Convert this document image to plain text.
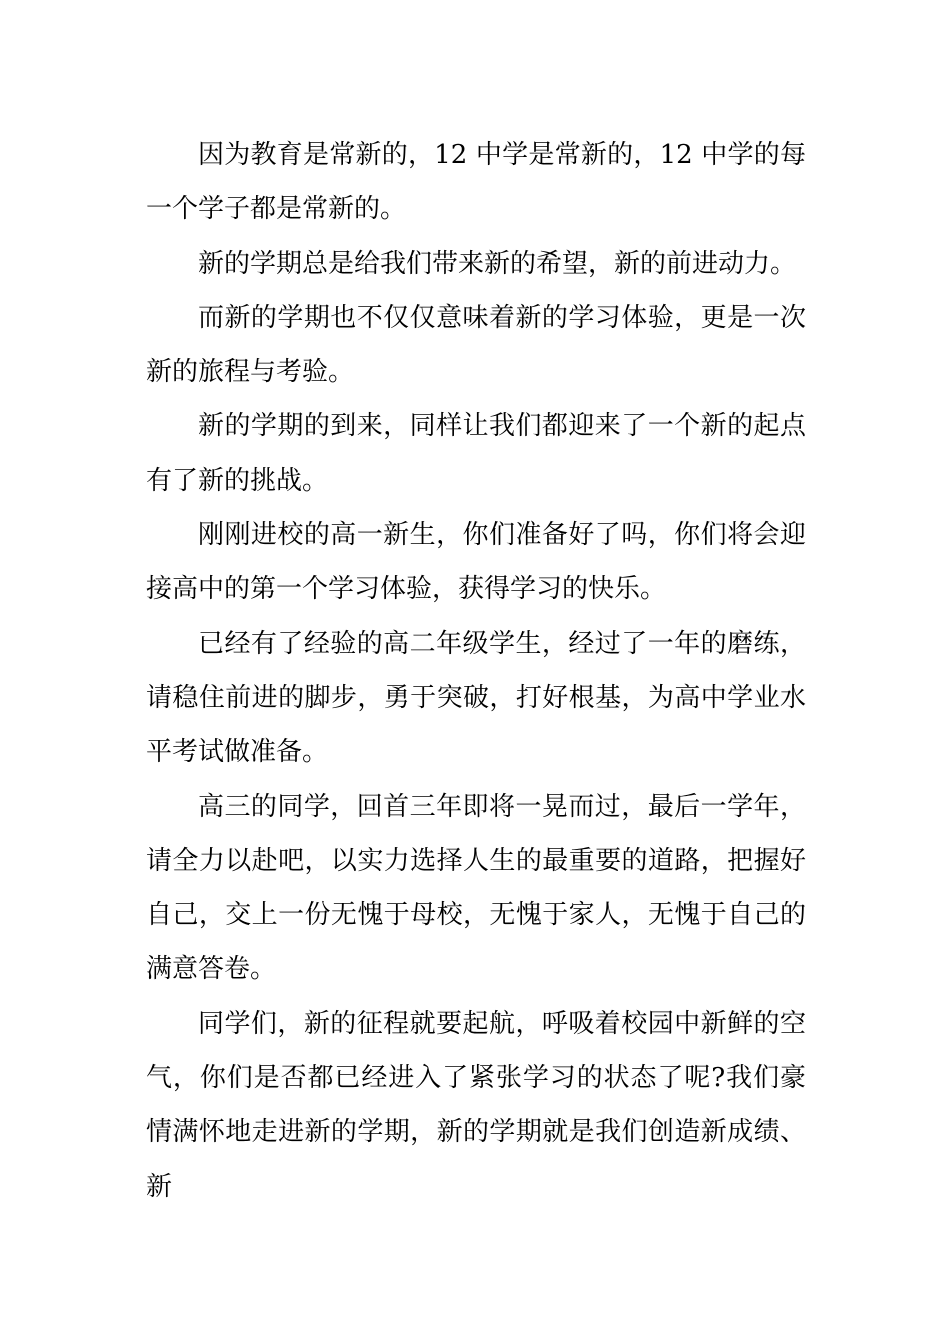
因为教育是常新的，12 中学是常新的，12 中学的每一个学子都是常新的。

新的学期总是给我们带来新的希望，新的前进动力。

而新的学期也不仅仅意味着新的学习体验，更是一次新的旅程与考验。

新的学期的到来，同样让我们都迎来了一个新的起点有了新的挑战。

刚刚进校的高一新生，你们准备好了吗，你们将会迎接高中的第一个学习体验，获得学习的快乐。

已经有了经验的高二年级学生，经过了一年的磨练，请稳住前进的脚步，勇于突破，打好根基，为高中学业水平考试做准备。

高三的同学，回首三年即将一晃而过，最后一学年，请全力以赴吧，以实力选择人生的最重要的道路，把握好自己，交上一份无愧于母校，无愧于家人，无愧于自己的满意答卷。

同学们，新的征程就要起航，呼吸着校园中新鲜的空气，你们是否都已经进入了紧张学习的状态了呢?我们豪情满怀地走进新的学期，新的学期就是我们创造新成绩、新
